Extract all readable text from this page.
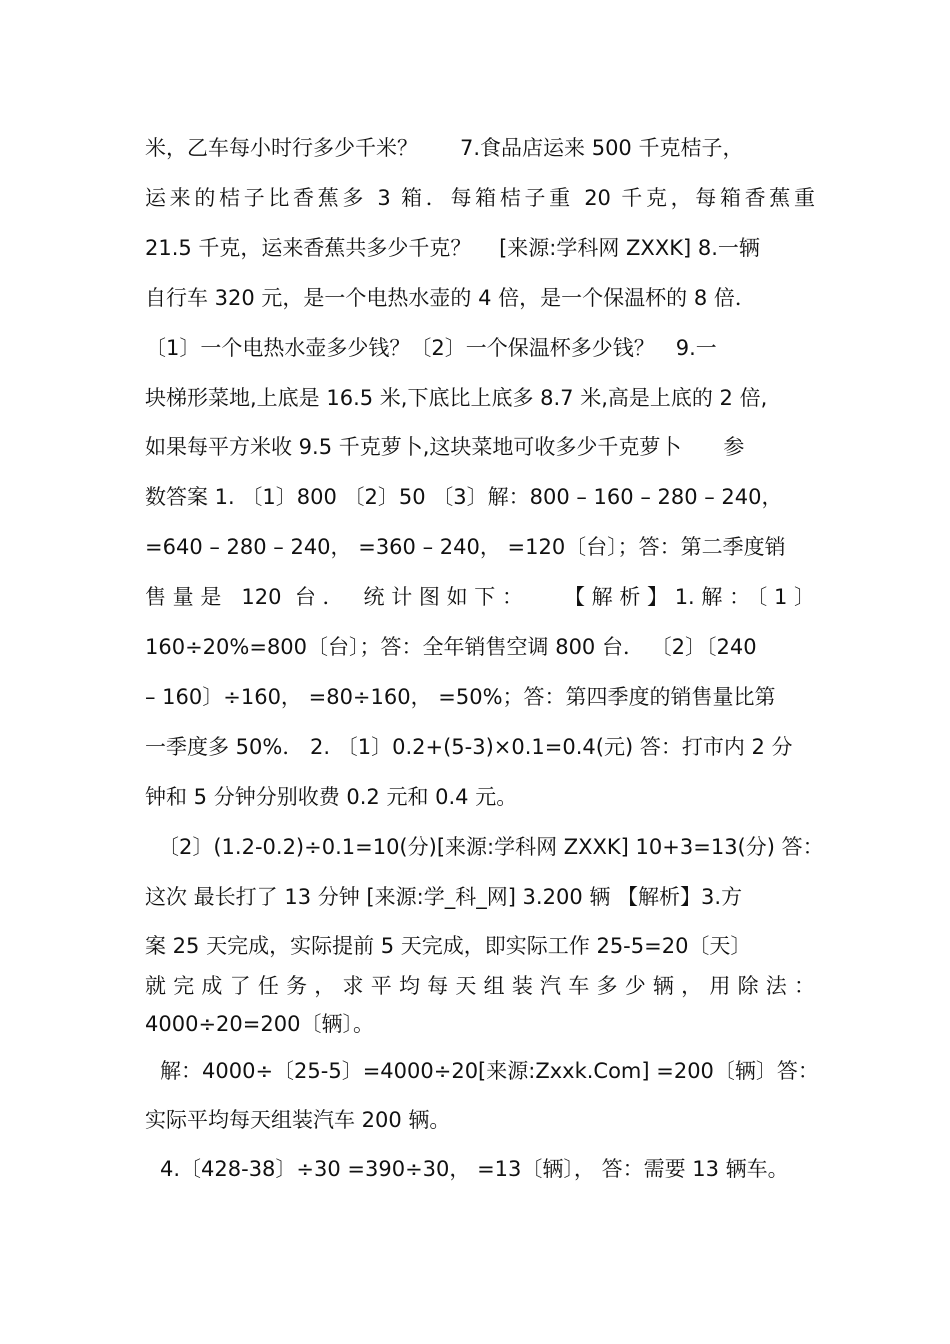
米，乙车每小时行多少千米？　　7.食品店运来 500 千克桔子，
运来的桔子比香蕉多 3 箱．每箱桔子重 20 千克，每箱香蕉重
21.5 千克，运来香蕉共多少千克？　 [来源:学科网 ZXXK] 8.一辆
自行车 320 元，是一个电热水壶的 4 倍，是一个保温杯的 8 倍．
〔1〕一个电热水壶多少钱？〔2〕一个保温杯多少钱？　9.一
块梯形菜地,上底是 16.5 米,下底比上底多 8.7 米,高是上底的 2 倍,
如果每平方米收 9.5 千克萝卜,这块菜地可收多少千克萝卜　　参
数答案 1. 〔1〕800 〔2〕50 〔3〕解：800 – 160 – 280 – 240，
=640 – 280 – 240， =360 – 240， =120〔台〕；答：第二季度销
售量是 120 台． 统计图如下：　　【解析】1.解：〔1〕
160÷20%=800〔台〕；答：全年销售空调 800 台． 〔2〕〔240
– 160〕÷160， =80÷160， =50%；答：第四季度的销售量比第
一季度多 50%． 2. 〔1〕0.2+(5-3)×0.1=0.4(元) 答：打市内 2 分
钟和 5 分钟分别收费 0.2 元和 0.4 元。
〔2〕(1.2-0.2)÷0.1=10(分)[来源:学科网 ZXXK] 10+3=13(分) 答：
这次 最长打了 13 分钟 [来源:学_科_网] 3.200 辆 【解析】3.方
案 25 天完成，实际提前 5 天完成，即实际工作 25-5=20〔天〕
就完成了任务，求平均每天组装汽车多少辆，用除法：
4000÷20=200〔辆〕。
解：4000÷〔25-5〕=4000÷20[来源:Zxxk.Com] =200〔辆〕答：
实际平均每天组装汽车 200 辆。
4.〔428-38〕÷30 =390÷30， =13〔辆〕， 答：需要 13 辆车。
